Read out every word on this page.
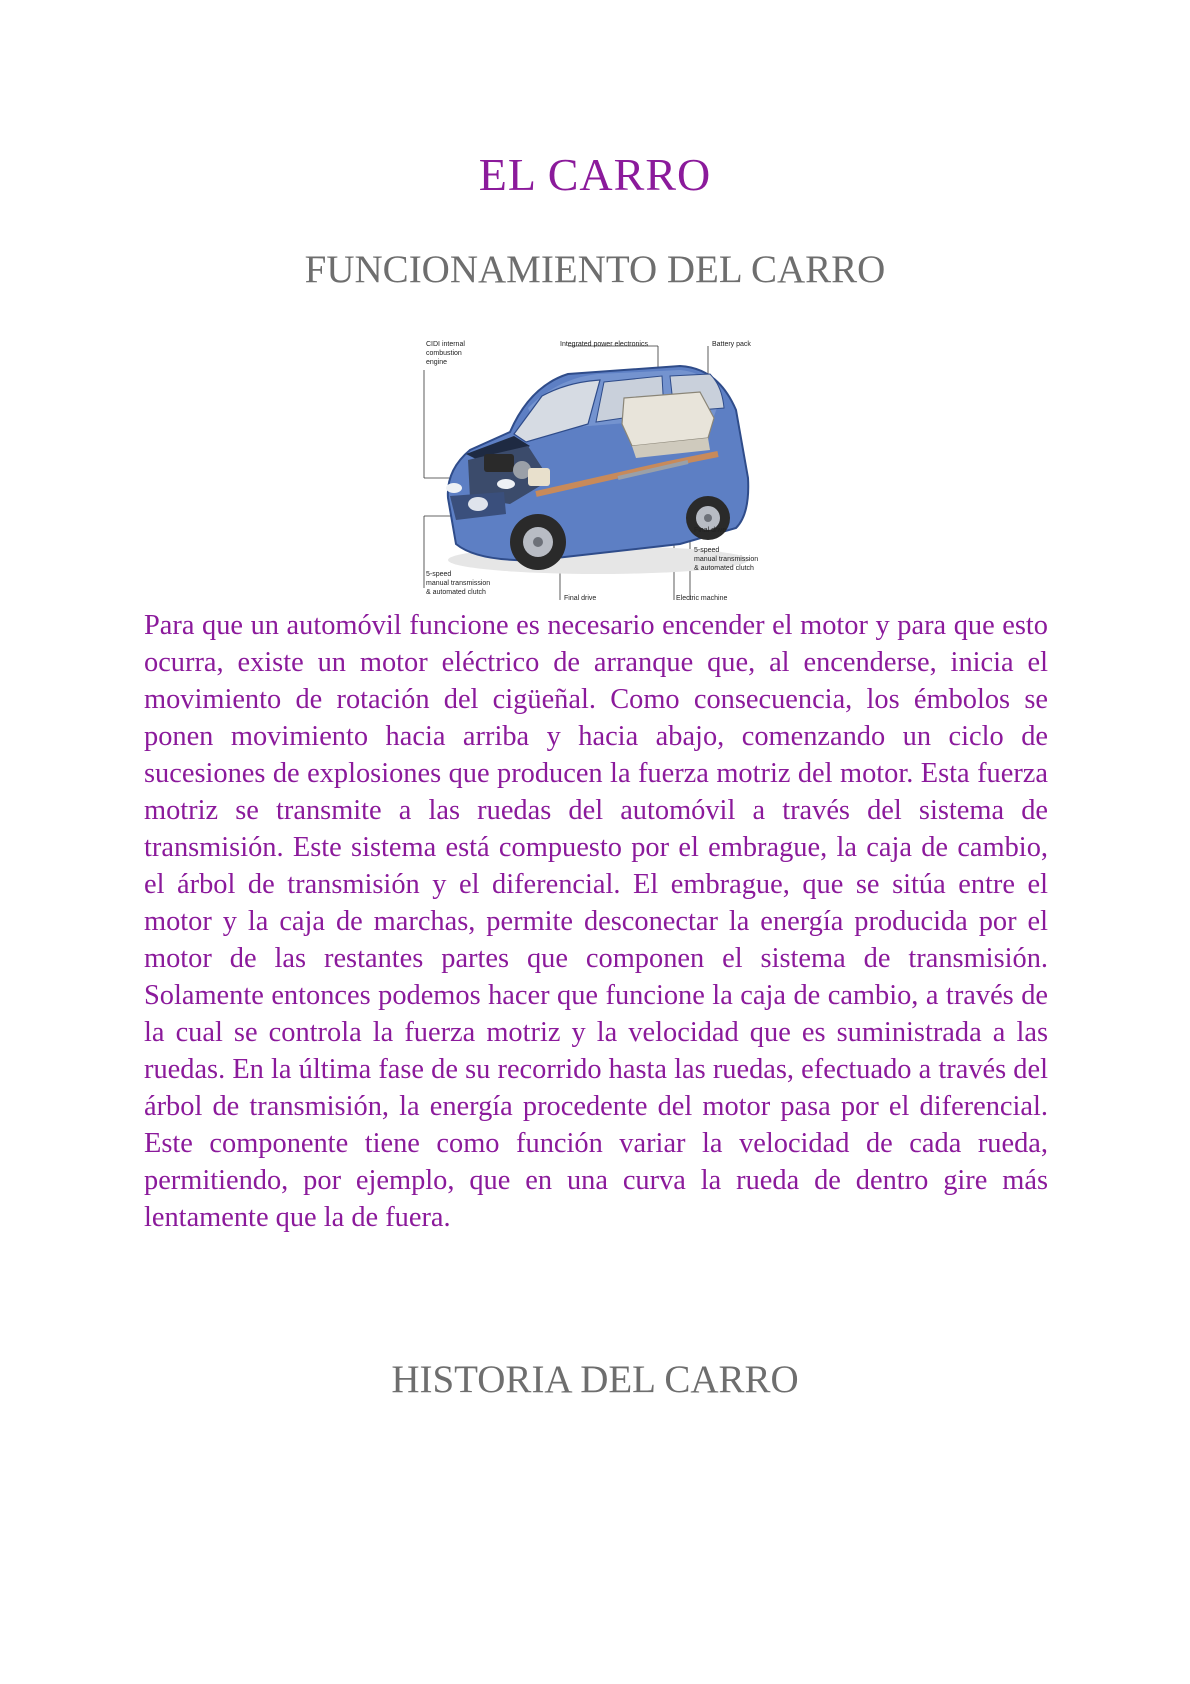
EL CARRO
FUNCIONAMIENTO DEL CARRO
CIDI internal
combustion
engine
Integrated power electronics	Battery pack
Final drive
5-speed
manual transmission
& automated clutch
5-speed
manual transmission
& automated clutch
Final drive	Electric machine

Para que un automóvil funcione es necesario encender el motor y para que esto ocurra, existe un motor eléctrico de arranque que, al encenderse, inicia el movimiento de rotación del cigüeñal. Como consecuencia, los émbolos se ponen movimiento hacia arriba y hacia abajo, comenzando un ciclo de sucesiones de explosiones que producen la fuerza motriz del motor. Esta fuerza motriz se transmite a las ruedas del automóvil a través del sistema de transmisión. Este sistema está compuesto por el embrague, la caja de cambio, el árbol de transmisión y el diferencial. El embrague, que se sitúa entre el motor y la caja de marchas, permite desconectar la energía producida por el motor de las restantes partes que componen el sistema de transmisión. Solamente entonces podemos hacer que funcione la caja de cambio, a través de la cual se controla la fuerza motriz y la velocidad que es suministrada a las ruedas. En la última fase de su recorrido hasta las ruedas, efectuado a través del árbol de transmisión, la energía procedente del motor pasa por el diferencial. Este componente tiene como función variar la velocidad de cada rueda, permitiendo, por ejemplo, que en una curva la rueda de dentro gire más lentamente que la de fuera.

HISTORIA DEL CARRO
